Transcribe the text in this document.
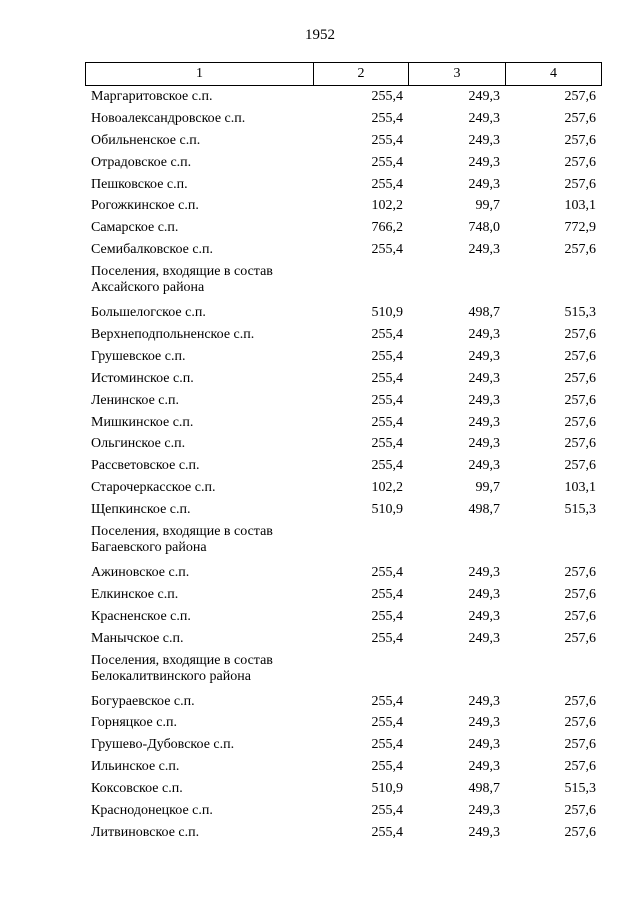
1952
1	2	3	4
Маргаритовское с.п.	255,4	249,3	257,6
Новоалександровское с.п.	255,4	249,3	257,6
Обильненское с.п.	255,4	249,3	257,6
Отрадовское с.п.	255,4	249,3	257,6
Пешковское с.п.	255,4	249,3	257,6
Рогожкинское с.п.	102,2	99,7	103,1
Самарское с.п.	766,2	748,0	772,9
Семибалковское с.п.	255,4	249,3	257,6
Поселения, входящие в состав
Аксайского района
Большелогское с.п.	510,9	498,7	515,3
Верхнеподпольненское с.п.	255,4	249,3	257,6
Грушевское с.п.	255,4	249,3	257,6
Истоминское с.п.	255,4	249,3	257,6
Ленинское с.п.	255,4	249,3	257,6
Мишкинское с.п.	255,4	249,3	257,6
Ольгинское с.п.	255,4	249,3	257,6
Рассветовское с.п.	255,4	249,3	257,6
Старочеркасское с.п.	102,2	99,7	103,1
Щепкинское с.п.	510,9	498,7	515,3
Поселения, входящие в состав
Багаевского района
Ажиновское с.п.	255,4	249,3	257,6
Елкинское с.п.	255,4	249,3	257,6
Красненское с.п.	255,4	249,3	257,6
Манычское с.п.	255,4	249,3	257,6
Поселения, входящие в состав
Белокалитвинского района
Богураевское с.п.	255,4	249,3	257,6
Горняцкое с.п.	255,4	249,3	257,6
Грушево-Дубовское с.п.	255,4	249,3	257,6
Ильинское с.п.	255,4	249,3	257,6
Коксовское с.п.	510,9	498,7	515,3
Краснодонецкое с.п.	255,4	249,3	257,6
Литвиновское с.п.	255,4	249,3	257,6
